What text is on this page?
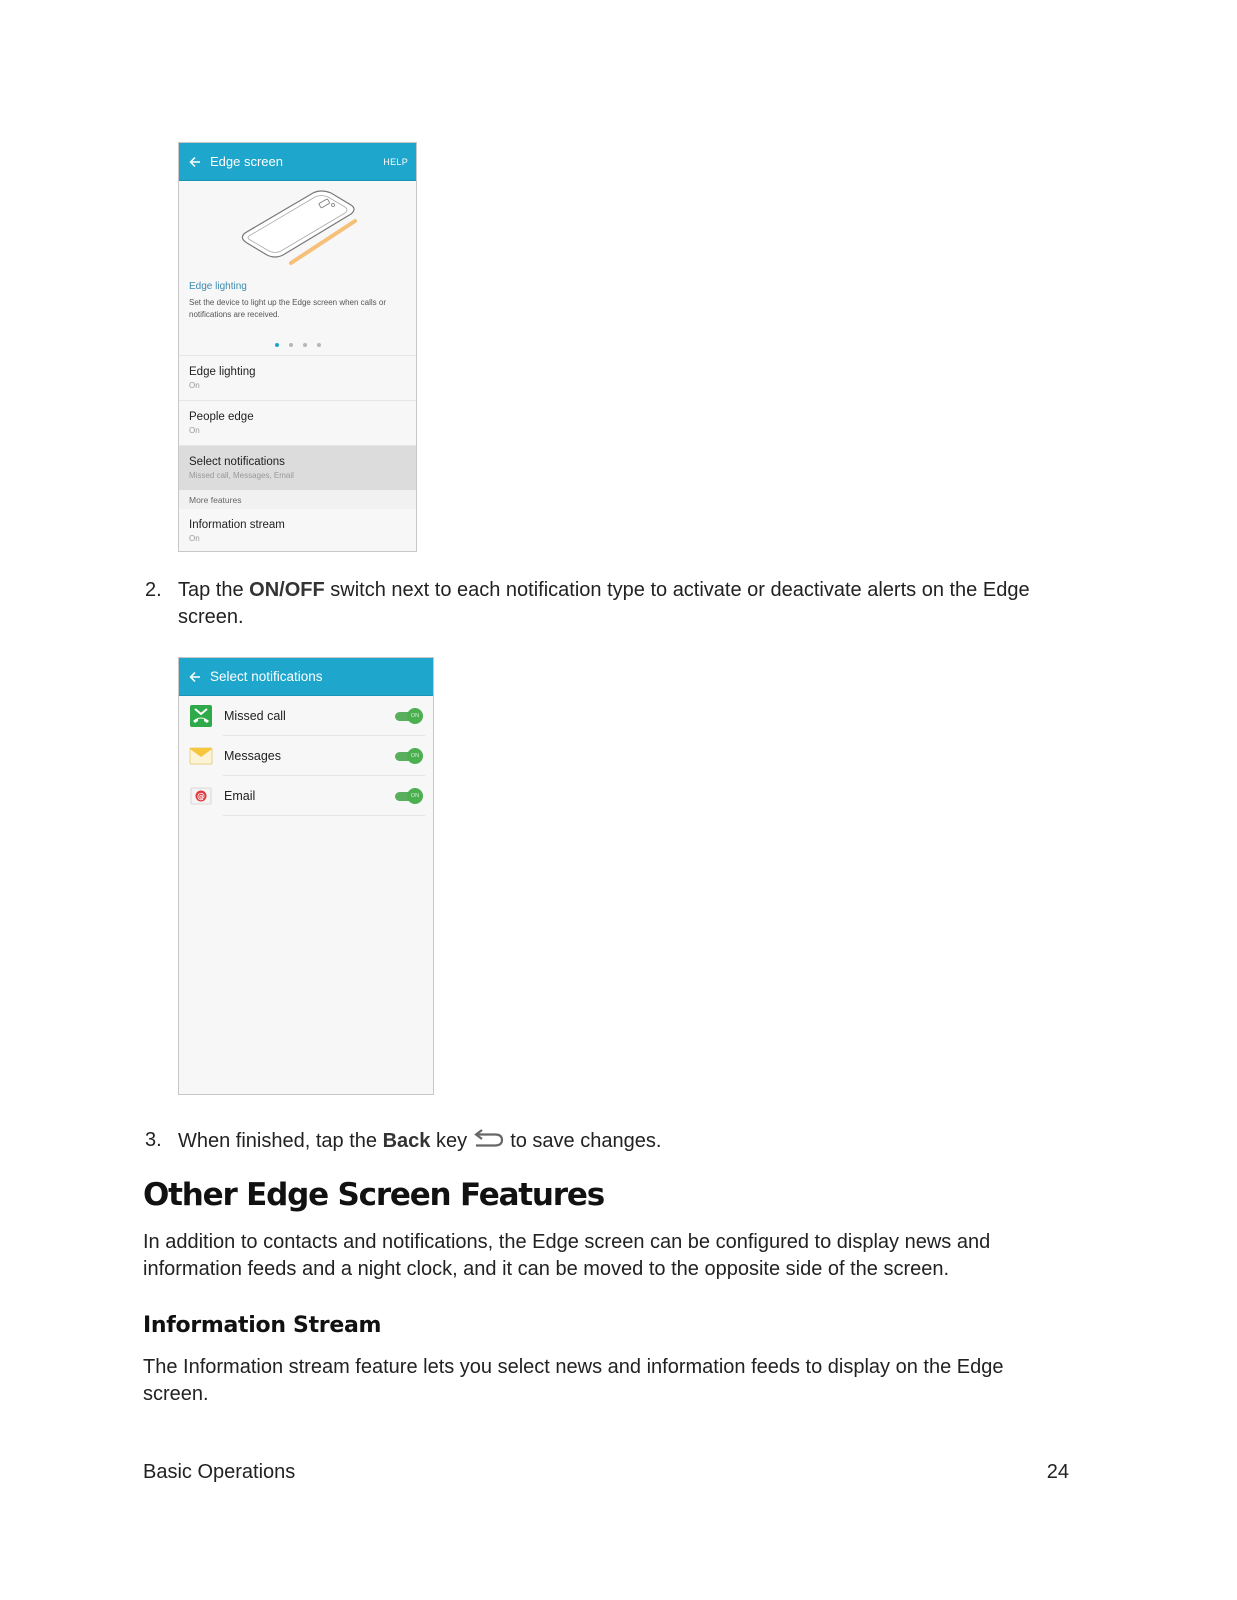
Edge screen	HELP
Edge lighting
Set the device to light up the Edge screen when calls or notifications are received.
Edge lighting
On
People edge
On
Select notifications
Missed call, Messages, Email
More features
Information stream
On
2. Tap the ON/OFF switch next to each notification type to activate or deactivate alerts on the Edge screen.
Select notifications
Missed call	ON
Messages	ON
@ Email	ON
3. When finished, tap the Back key  to save changes.
Other Edge Screen Features
In addition to contacts and notifications, the Edge screen can be configured to display news and information feeds and a night clock, and it can be moved to the opposite side of the screen.
Information Stream
The Information stream feature lets you select news and information feeds to display on the Edge screen.
Basic Operations	24
